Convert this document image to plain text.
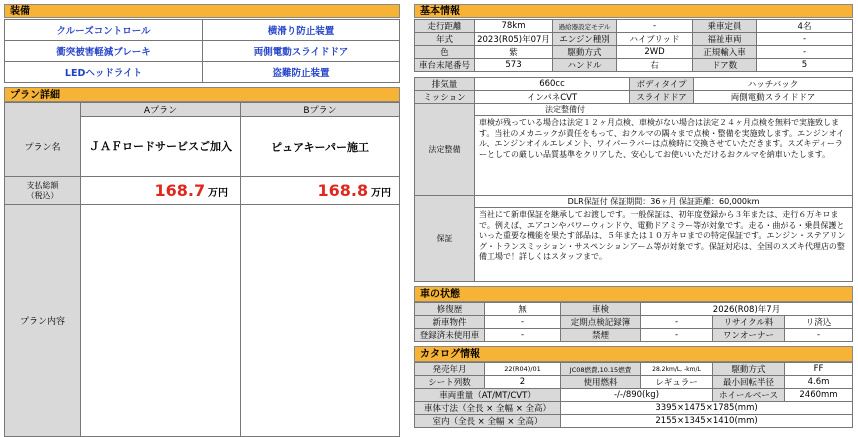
装備
クルーズコントロール	横滑り防止装置
衝突被害軽減ブレーキ	両側電動スライドドア
LEDヘッドライト	盗難防止装置
プラン詳細
	Aプラン	Bプラン
プラン名	ＪＡＦロードサービスご加入	ピュアキーパー施工
支払総額
（税込）	168.7 万円	168.8 万円
プラン内容		
基本情報
走行距離	78km	過給器設定モデル	-	乗車定員	4名
年式	2023(R05)年07月	エンジン種別	ハイブリッド	福祉車両	-
色	紫	駆動方式	2WD	正規輸入車	-
車台末尾番号	573	ハンドル	右	ドア数	5
排気量	660cc	ボディタイプ	ハッチバック
ミッション	インパネCVT	スライドドア	両側電動スライドドア
法定整備	法定整備付
	車検が残っている場合は法定１２ヶ月点検、車検がない場合は法定２４ヶ月点検を無料で実施致します。当社のメカニックが責任をもって、おクルマの隅々まで点検・整備を実施致します。エンジンオイル、エンジンオイルエレメント、ワイパーラバーは点検時に交換させていただきます。スズキディーラーとしての厳しい品質基準をクリアした、安心してお使いいただけるおクルマを納車いたします。
保証	DLR保証付 保証期間：36ヶ月 保証距離：60,000km
	当社にて新車保証を継承してお渡しです。一般保証は、初年度登録から３年または、走行６万キロまで。例えば、エアコンやパワーウィンドウ、電動ドアミラー等が対象です。走る・曲がる・乗員保護といった重要な機能を果たす部品は、５年または１０万キロまでの特定保証です。エンジン・ステアリング・トランスミッション・サスペンションアーム等が対象です。保証対応は、全国のスズキ代理店の整備工場で！詳しくはスタッフまで。
車の状態
修復歴	無	車検	2026(R08)年7月		
新車物件	-	定期点検記録簿	-	リサイクル料	リ済込
登録済未使用車	-	禁煙	-	ワンオーナー	-
カタログ情報
発売年月	22(R04)/01	JC08燃費,10.15燃費	28.2km/L, -km/L	駆動方式	FF
シート列数	2	使用燃料	レギュラー	最小回転半径	4.6m
車両重量（AT/MT/CVT）		-/-/890(kg)		ホイールベース	2460mm
車体寸法（全長 × 全幅 × 全高）		3395×1475×1785(mm)			
室内（全長 × 全幅 × 全高）		2155×1345×1410(mm)			
